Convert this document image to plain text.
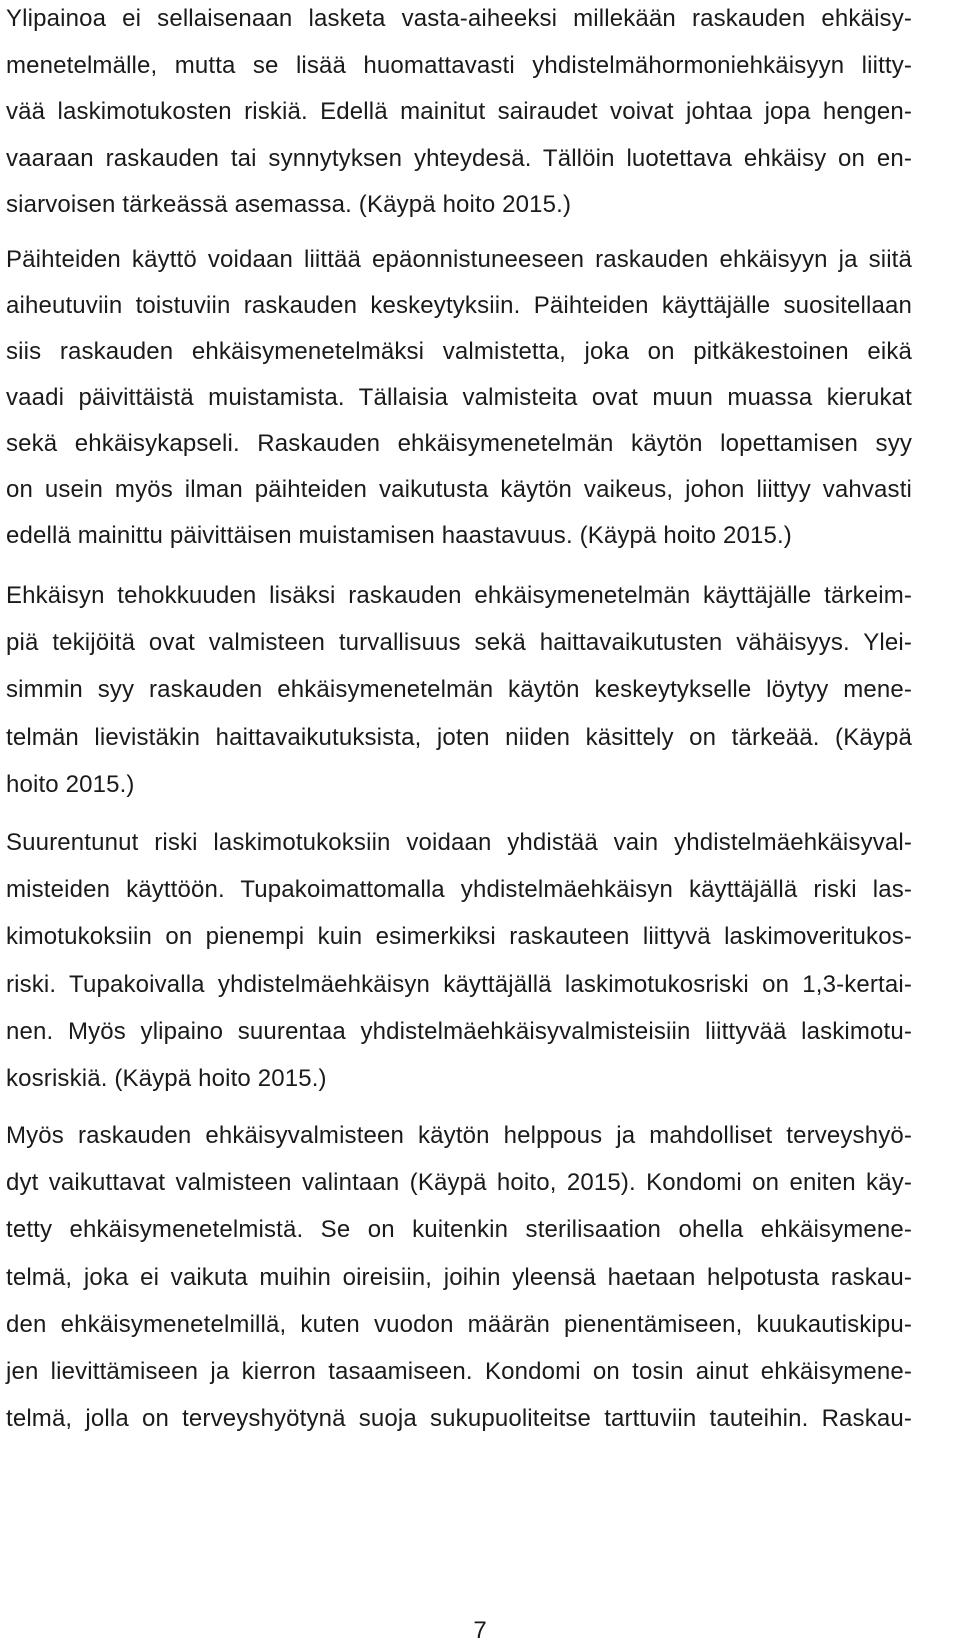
Ylipainoa ei sellaisenaan lasketa vasta-aiheeksi millekään raskauden ehkäisy-
menetelmälle, mutta se lisää huomattavasti yhdistelmähormoniehkäisyyn liitty-
vää laskimotukosten riskiä. Edellä mainitut sairaudet voivat johtaa jopa hengen-
vaaraan raskauden tai synnytyksen yhteydesä. Tällöin luotettava ehkäisy on en-
siarvoisen tärkeässä asemassa. (Käypä hoito 2015.)
Päihteiden käyttö voidaan liittää epäonnistuneeseen raskauden ehkäisyyn ja siitä
aiheutuviin toistuviin raskauden keskeytyksiin. Päihteiden käyttäjälle suositellaan
siis raskauden ehkäisymenetelmäksi valmistetta, joka on pitkäkestoinen eikä
vaadi päivittäistä muistamista. Tällaisia valmisteita ovat muun muassa kierukat
sekä ehkäisykapseli. Raskauden ehkäisymenetelmän käytön lopettamisen syy
on usein myös ilman päihteiden vaikutusta käytön vaikeus, johon liittyy vahvasti
edellä mainittu päivittäisen muistamisen haastavuus. (Käypä hoito 2015.)
Ehkäisyn tehokkuuden lisäksi raskauden ehkäisymenetelmän käyttäjälle tärkeim-
piä tekijöitä ovat valmisteen turvallisuus sekä haittavaikutusten vähäisyys. Ylei-
simmin syy raskauden ehkäisymenetelmän käytön keskeytykselle löytyy mene-
telmän lievistäkin haittavaikutuksista, joten niiden käsittely on tärkeää. (Käypä
hoito 2015.)
Suurentunut riski laskimotukoksiin voidaan yhdistää vain yhdistelmäehkäisyval-
misteiden käyttöön. Tupakoimattomalla yhdistelmäehkäisyn käyttäjällä riski las-
kimotukoksiin on pienempi kuin esimerkiksi raskauteen liittyvä laskimoveritukos-
riski. Tupakoivalla yhdistelmäehkäisyn käyttäjällä laskimotukosriski on 1,3-kertai-
nen. Myös ylipaino suurentaa yhdistelmäehkäisyvalmisteisiin liittyvää laskimotu-
kosriskiä. (Käypä hoito 2015.)
Myös raskauden ehkäisyvalmisteen käytön helppous ja mahdolliset terveyshyö-
dyt vaikuttavat valmisteen valintaan (Käypä hoito, 2015). Kondomi on eniten käy-
tetty ehkäisymenetelmistä. Se on kuitenkin sterilisaation ohella ehkäisymene-
telmä, joka ei vaikuta muihin oireisiin, joihin yleensä haetaan helpotusta raskau-
den ehkäisymenetelmillä, kuten vuodon määrän pienentämiseen, kuukautiskipu-
jen lievittämiseen ja kierron tasaamiseen. Kondomi on tosin ainut ehkäisymene-
telmä, jolla on terveyshyötynä suoja sukupuoliteitse tarttuviin tauteihin. Raskau-
7
